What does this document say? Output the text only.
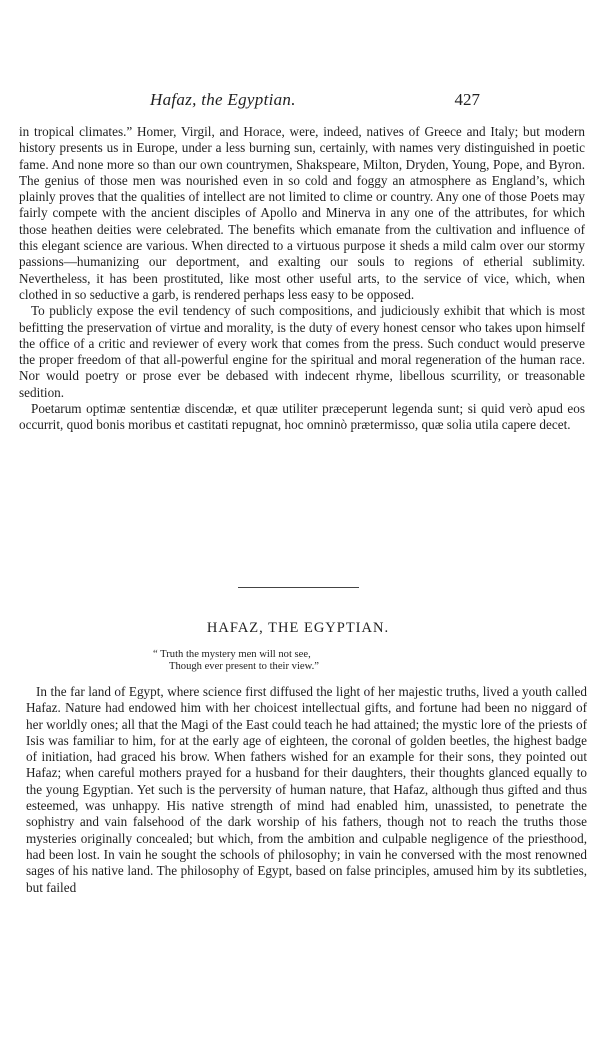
Hafaz, the Egyptian.	427

in tropical climates.” Homer, Virgil, and Horace, were, indeed, natives of Greece and Italy; but modern history presents us in Europe, under a less burning sun, certainly, with names very distinguished in poetic fame. And none more so than our own countrymen, Shakspeare, Milton, Dryden, Young, Pope, and Byron. The genius of those men was nourished even in so cold and foggy an atmosphere as England’s, which plainly proves that the qualities of intellect are not limited to clime or country. Any one of those Poets may fairly compete with the ancient disciples of Apollo and Minerva in any one of the attributes, for which those heathen deities were celebrated. The benefits which emanate from the cultivation and influence of this elegant science are various. When directed to a virtuous purpose it sheds a mild calm over our stormy passions—humanizing our deportment, and exalting our souls to regions of etherial sublimity. Nevertheless, it has been prostituted, like most other useful arts, to the service of vice, which, when clothed in so seductive a garb, is rendered perhaps less easy to be opposed.

To publicly expose the evil tendency of such compositions, and judiciously exhibit that which is most befitting the preservation of virtue and morality, is the duty of every honest censor who takes upon himself the office of a critic and reviewer of every work that comes from the press. Such conduct would preserve the proper freedom of that all-powerful engine for the spiritual and moral regeneration of the human race. Nor would poetry or prose ever be debased with indecent rhyme, libellous scurrility, or treasonable sedition.

Poetarum optimæ sententiæ discendæ, et quæ utiliter præceperunt legenda sunt; si quid verò apud eos occurrit, quod bonis moribus et castitati repugnat, hoc omninò prætermisso, quæ solia utila capere decet.

HAFAZ, THE EGYPTIAN.
“ Truth the mystery men will not see,
Though ever present to their view.”

In the far land of Egypt, where science first diffused the light of her majestic truths, lived a youth called Hafaz. Nature had endowed him with her choicest intellectual gifts, and fortune had been no niggard of her worldly ones; all that the Magi of the East could teach he had attained; the mystic lore of the priests of Isis was familiar to him, for at the early age of eighteen, the coronal of golden beetles, the highest badge of initiation, had graced his brow. When fathers wished for an example for their sons, they pointed out Hafaz; when careful mothers prayed for a husband for their daughters, their thoughts glanced equally to the young Egyptian. Yet such is the perversity of human nature, that Hafaz, although thus gifted and thus esteemed, was unhappy. His native strength of mind had enabled him, unassisted, to penetrate the sophistry and vain falsehood of the dark worship of his fathers, though not to reach the truths those mysteries originally concealed; but which, from the ambition and culpable negligence of the priesthood, had been lost. In vain he sought the schools of philosophy; in vain he conversed with the most renowned sages of his native land. The philosophy of Egypt, based on false principles, amused him by its subtleties, but failed
